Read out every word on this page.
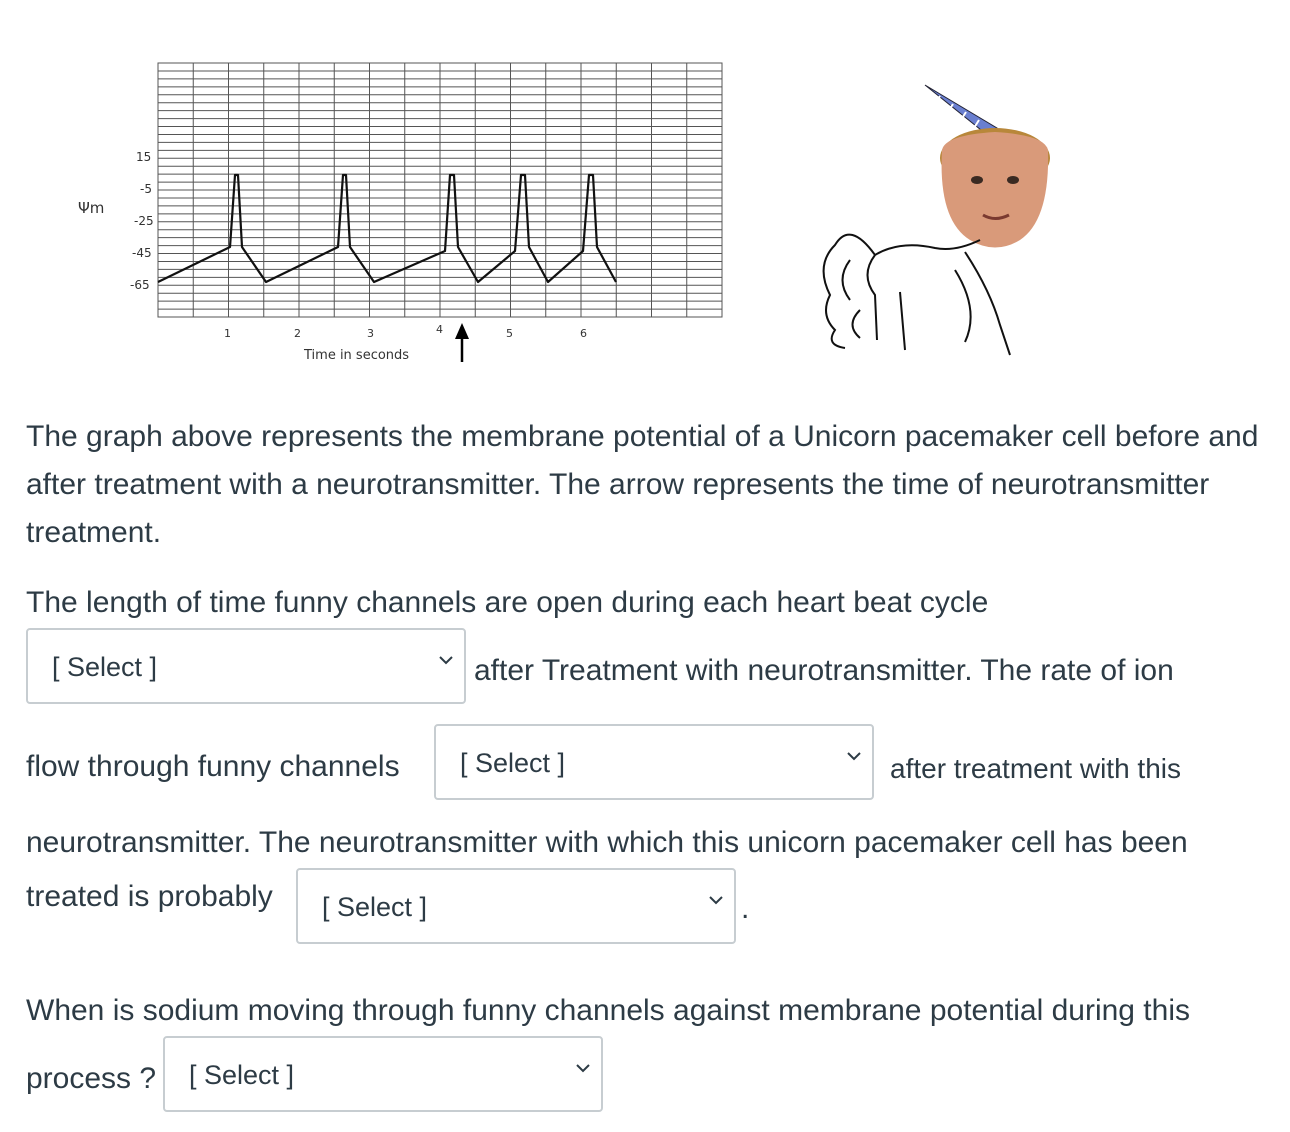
Ψm
15
-5
-25
-45
-65
1	2	3	4	5	6
Time in seconds

The graph above represents the membrane potential of a Unicorn pacemaker cell before and after treatment with a neurotransmitter. The arrow represents the time of neurotransmitter treatment.

The length of time funny channels are open during each heart beat cycle
[ Select ]	after Treatment with neurotransmitter. The rate of ion
flow through funny channels [ Select ]	after treatment with this
neurotransmitter. The neurotransmitter with which this unicorn pacemaker cell has been
treated is probably [ Select ]	.
When is sodium moving through funny channels against membrane potential during this
process ? [ Select ]
